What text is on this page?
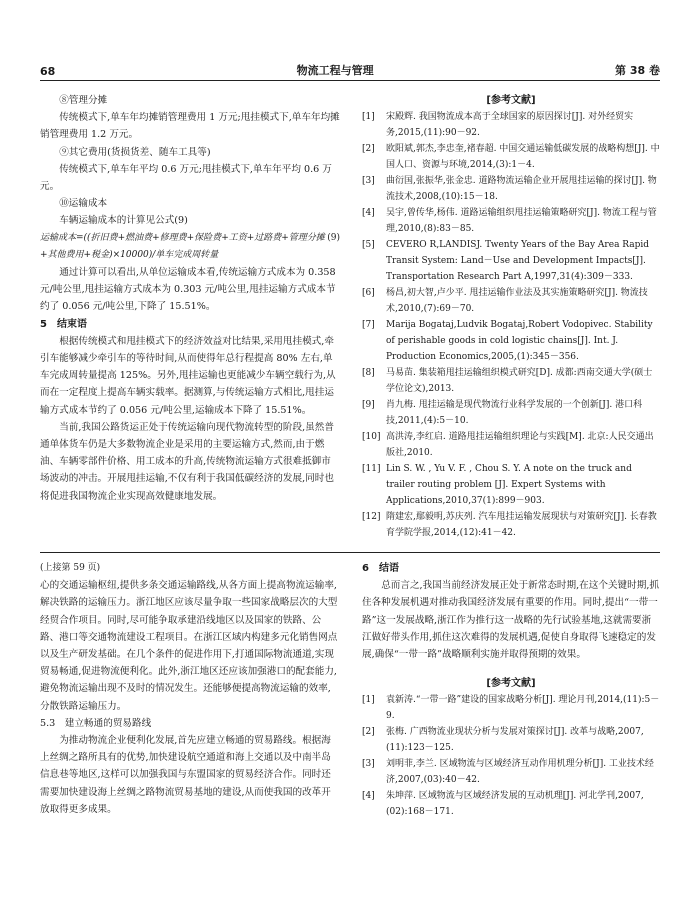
68	物流工程与管理	第 38 卷

⑧管理分摊

传统模式下,单车年均摊销管理费用 1 万元;甩挂模式下,单车年均摊销管理费用 1.2 万元。

⑨其它费用(货损货差、随车工具等)

传统模式下,单车年平均 0.6 万元;甩挂模式下,单车年平均 0.6 万元。

⑩运输成本

车辆运输成本的计算见公式(9)

(9)
运输成本=((折旧费+燃油费+修理费+保险费+工资+过路费+管理分摊+其他费用+税金)×10000)/单车完成周转量

通过计算可以看出,从单位运输成本看,传统运输方式成本为 0.358 元/吨公里,甩挂运输方式成本为 0.303 元/吨公里,甩挂运输方式成本节约了 0.056 元/吨公里,下降了 15.51%。

5　结束语

根据传统模式和甩挂模式下的经济效益对比结果,采用甩挂模式,牵引车能够减少牵引车的等待时间,从而使得年总行程提高 80% 左右,单车完成周转量提高 125%。另外,甩挂运输也更能减少车辆空载行为,从而在一定程度上提高车辆实载率。据测算,与传统运输方式相比,甩挂运输方式成本节约了 0.056 元/吨公里,运输成本下降了 15.51%。

当前,我国公路货运正处于传统运输向现代物流转型的阶段,虽然普通单体货车仍是大多数物流企业是采用的主要运输方式,然而,由于燃油、车辆零部件价格、用工成本的升高,传统物流运输方式很难抵御市场波动的冲击。开展甩挂运输,不仅有利于我国低碳经济的发展,同时也将促进我国物流企业实现高效健康地发展。

[参考文献]

[1]	宋殿辉. 我国物流成本高于全球国家的原因探讨[J]. 对外经贸实务,2015,(11):90－92.

[2]	欧阳斌,郭杰,李忠奎,褚春超. 中国交通运输低碳发展的战略构想[J]. 中国人口、资源与环境,2014,(3):1－4.

[3]	曲衍国,张振华,张金忠. 道路物流运输企业开展甩挂运输的探讨[J]. 物流技术,2008,(10):15－18.

[4]	吴宇,曾传华,杨伟. 道路运输组织甩挂运输策略研究[J]. 物流工程与管理,2010,(8):83－85.

[5]	CEVERO R,LANDISJ. Twenty Years of the Bay Area Rapid Transit System: Land－Use and Development Impacts[J]. Transportation Research Part A,1997,31(4):309－333.

[6]	杨昌,初大智,卢少平. 甩挂运输作业法及其实施策略研究[J]. 物流技术,2010,(7):69－70.

[7]	Marija Bogataj,Ludvik Bogataj,Robert Vodopivec. Stability of perishable goods in cold logistic chains[J]. Int. J. Production Economics,2005,(1):345－356.

[8]	马易苗. 集装箱甩挂运输组织模式研究[D]. 成都:西南交通大学(硕士学位论文),2013.

[9]	肖九梅. 甩挂运输是现代物流行业科学发展的一个创新[J]. 港口科技,2011,(4):5－10.

[10] 高洪涛,李红启. 道路甩挂运输组织理论与实践[M]. 北京:人民交通出版社,2010.

[11] Lin S. W. , Yu V. F. , Chou S. Y. A note on the truck and trailer routing problem [J]. Expert Systems with Applications,2010,37(1):899－903.

[12] 隋建宏,鄢毅明,苏庆列. 汽车甩挂运输发展现状与对策研究[J]. 长春教育学院学报,2014,(12):41－42.

(上接第 59 页)

心的交通运输枢纽,提供多条交通运输路线,从各方面上提高物流运输率,解决铁路的运输压力。浙江地区应该尽量争取一些国家战略层次的大型经贸合作项目。同时,尽可能争取承建沿线地区以及国家的铁路、公路、港口等交通物流建设工程项目。在浙江区域内构建多元化销售网点以及生产研发基础。在几个条件的促进作用下,打通国际物流通道,实现贸易畅通,促进物流便利化。此外,浙江地区还应该加强港口的配套能力,避免物流运输出现不及时的情况发生。还能够便提高物流运输的效率,分散铁路运输压力。

5.3　建立畅通的贸易路线

为推动物流企业便利化发展,首先应建立畅通的贸易路线。根据海上丝绸之路所具有的优势,加快建设航空通道和海上交通以及中南半岛信息巷等地区,这样可以加强我国与东盟国家的贸易经济合作。同时还需要加快建设海上丝绸之路物流贸易基地的建设,从而使我国的改革开放取得更多成果。

6　结语

总而言之,我国当前经济发展正处于新常态时期,在这个关键时期,抓住各种发展机遇对推动我国经济发展有重要的作用。同时,提出“一带一路”这一发展战略,浙江作为推行这一战略的先行试验基地,这就需要浙江做好带头作用,抓住这次难得的发展机遇,促使自身取得飞速稳定的发展,确保“一带一路”战略顺利实施并取得预期的效果。

[参考文献]

[1]	袁新涛.“一带一路”建设的国家战略分析[J]. 理论月刊,2014,(11):5－9.

[2]	张梅. 广西物流业现状分析与发展对策探讨[J]. 改革与战略,2007,(11):123－125.

[3]	刘明菲,李兰. 区域物流与区域经济互动作用机理分析[J]. 工业技术经济,2007,(03):40－42.

[4]	朱坤萍. 区域物流与区域经济发展的互动机理[J]. 河北学刊,2007,(02):168－171.
